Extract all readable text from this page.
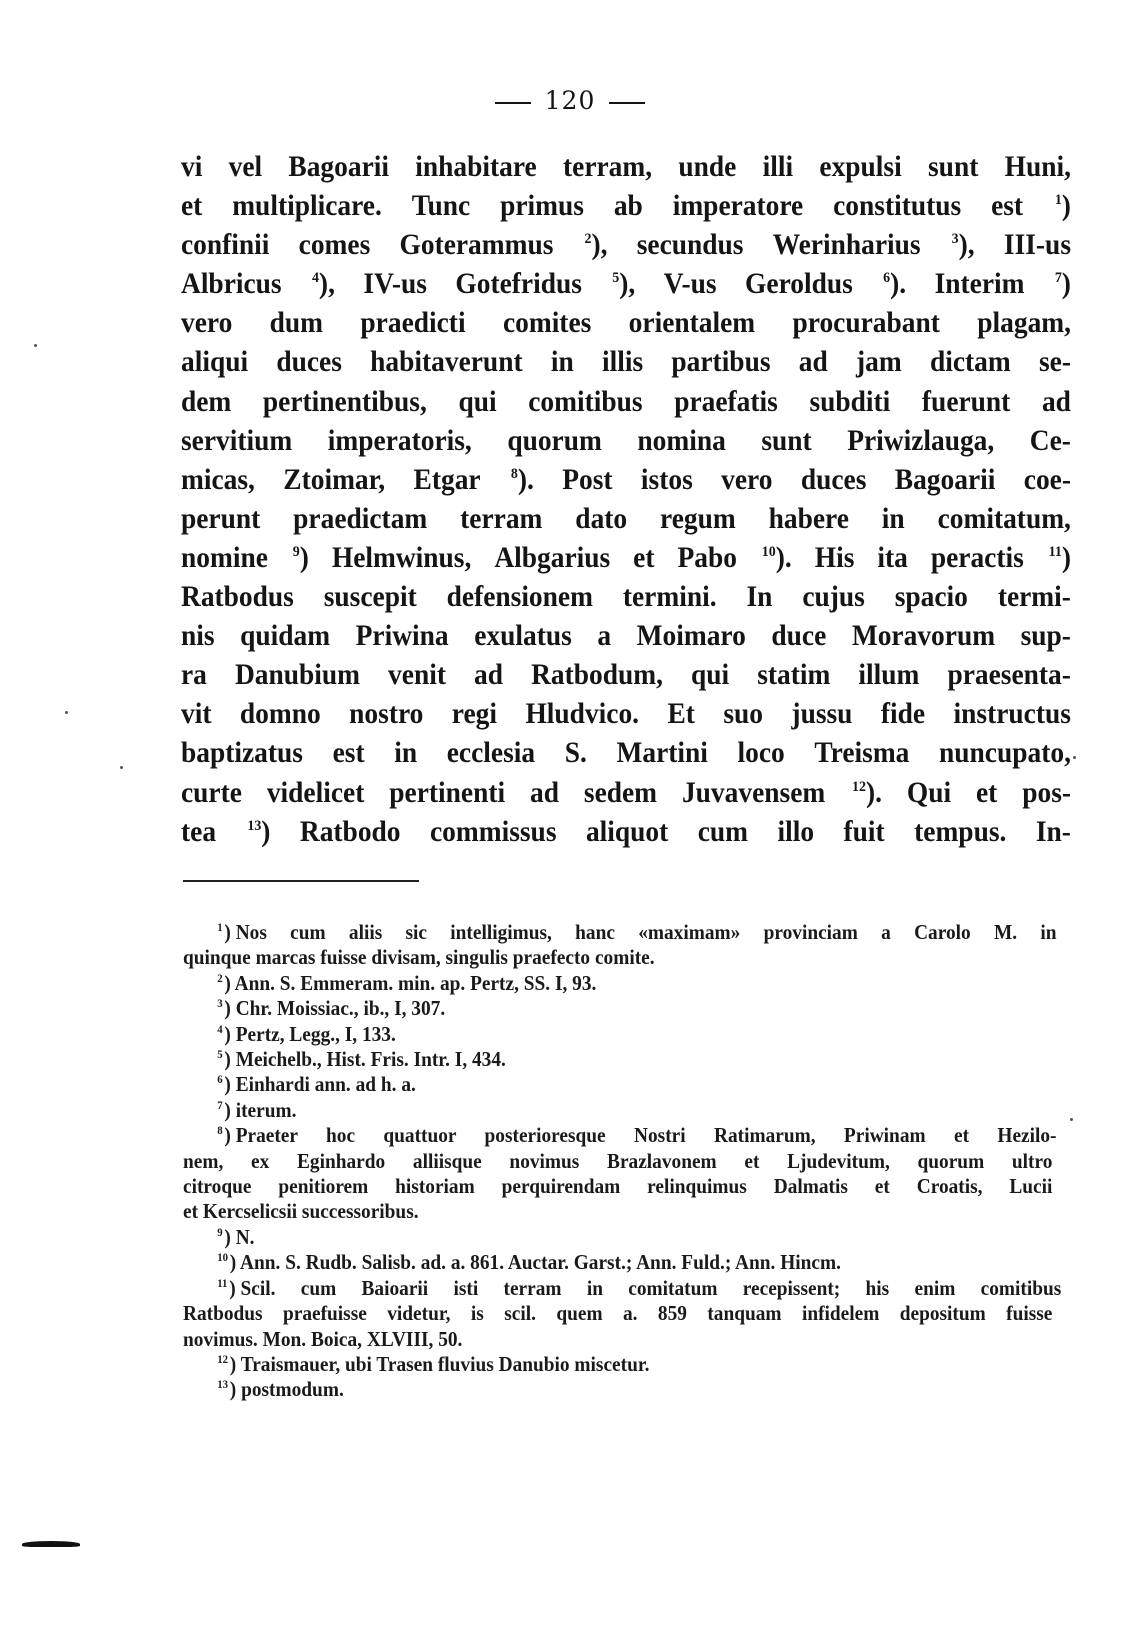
120
vi vel Bagoarii inhabitare terram, unde illi expulsi sunt Huni,
et multiplicare. Tunc primus ab imperatore constitutus est $^1$)
confinii comes Goterammus $^2$), secundus Werinharius $^3$), III-us
Albricus $^4$), IV-us Gotefridus $^5$), V-us Geroldus $^6$). Interim $^7$)
vero dum praedicti comites orientalem procurabant plagam,
aliqui duces habitaverunt in illis partibus ad jam dictam se-
dem pertinentibus, qui comitibus praefatis subditi fuerunt ad
servitium imperatoris, quorum nomina sunt Priwizlauga, Ce-
micas, Ztoimar, Etgar $^8$). Post istos vero duces Bagoarii coe-
perunt praedictam terram dato regum habere in comitatum,
nomine $^9$) Helmwinus, Albgarius et Pabo $^{10}$). His ita peractis $^{11}$)
Ratbodus suscepit defensionem termini. In cujus spacio termi-
nis quidam Priwina exulatus a Moimaro duce Moravorum sup-
ra Danubium venit ad Ratbodum, qui statim illum praesenta-
vit domno nostro regi Hludvico. Et suo jussu fide instructus
baptizatus est in ecclesia S. Martini loco Treisma nuncupato,
curte videlicet pertinenti ad sedem Juvavensem $^{12}$). Qui et pos-
tea $^{13}$) Ratbodo commissus aliquot cum illo fuit tempus. In-
$^1$) Nos cum aliis sic intelligimus, hanc «maximam» provinciam a Carolo M. in
quinque marcas fuisse divisam, singulis praefecto comite.
$^2$) Ann. S. Emmeram. min. ap. Pertz, SS. I, 93.
$^3$) Chr. Moissiac., ib., I, 307.
$^4$) Pertz, Legg., I, 133.
$^5$) Meichelb., Hist. Fris. Intr. I, 434.
$^6$) Einhardi ann. ad h. a.
$^7$) iterum.
$^8$) Praeter hoc quattuor posterioresque Nostri Ratimarum, Priwinam et Hezilo-
nem, ex Eginhardo alliisque novimus Brazlavonem et Ljudevitum, quorum ultro
citroque penitiorem historiam perquirendam relinquimus Dalmatis et Croatis, Lucii
et Kercselicsii successoribus.
$^9$) N.
$^{10}$) Ann. S. Rudb. Salisb. ad. a. 861. Auctar. Garst.; Ann. Fuld.; Ann. Hincm.
$^{11}$) Scil. cum Baioarii isti terram in comitatum recepissent; his enim comitibus
Ratbodus praefuisse videtur, is scil. quem a. 859 tanquam infidelem depositum fuisse
novimus. Mon. Boica, XLVIII, 50.
$^{12}$) Traismauer, ubi Trasen fluvius Danubio miscetur.
$^{13}$) postmodum.
